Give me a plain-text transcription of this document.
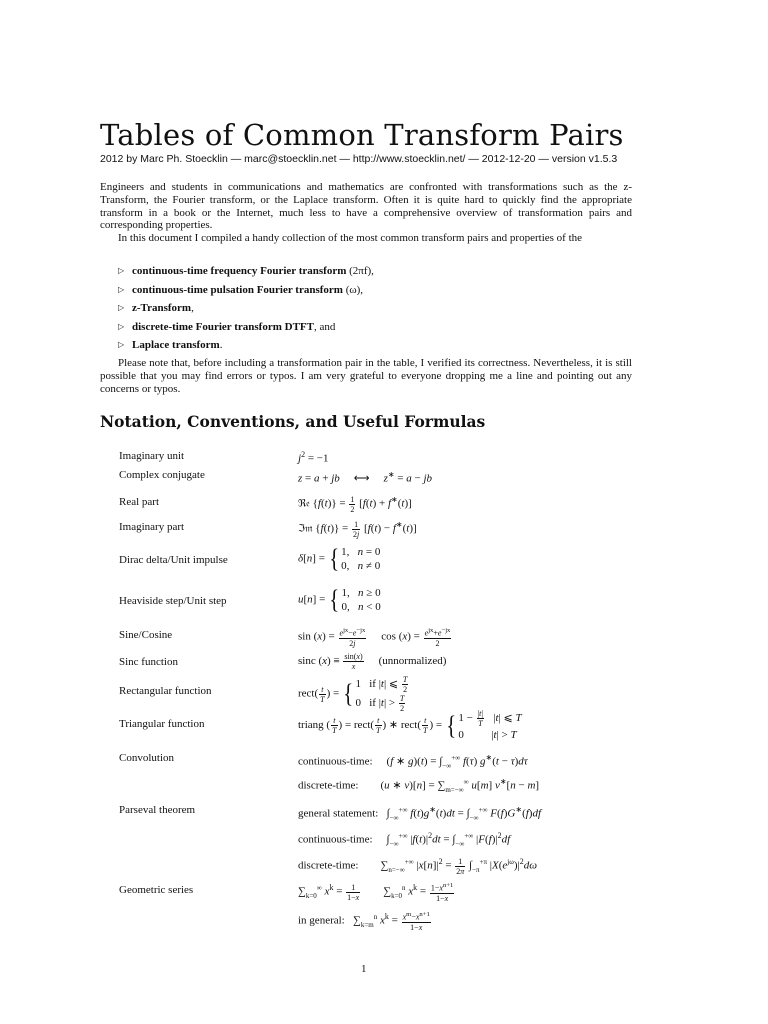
Tables of Common Transform Pairs
2012 by Marc Ph. Stoecklin — marc@stoecklin.net — http://www.stoecklin.net/ — 2012-12-20 — version v1.5.3

Engineers and students in communications and mathematics are confronted with transformations such as the z-Transform, the Fourier transform, or the Laplace transform. Often it is quite hard to quickly find the appropriate transform in a book or the Internet, much less to have a comprehensive overview of transformation pairs and corresponding properties.

In this document I compiled a handy collection of the most common transform pairs and properties of the

▷ continuous-time frequency Fourier transform (2πf),
▷ continuous-time pulsation Fourier transform (ω),
▷ z-Transform,
▷ discrete-time Fourier transform DTFT, and
▷ Laplace transform.

Please note that, before including a transformation pair in the table, I verified its correctness. Nevertheless, it is still possible that you may find errors or typos. I am very grateful to everyone dropping me a line and pointing out any concerns or typos.

Notation, Conventions, and Useful Formulas
Imaginary unit	$j^2 = -1$
Complex conjugate	z = a + jb ⟷ z∗ = a − jb
Real part	ℜ𝔢 $\{f(t)\} = \frac{1}{2} [f(t) + f^∗(t)]$
Imaginary part	ℑ𝔪 $\{f(t)\} = \frac{1}{2j} [f(t) - f^∗(t)]$
Dirac delta/Unit impulse	δ[n] = { 1,   n = 0
0,   n ≠ 0
Heaviside step/Unit step	u[n] = { 1,   n ≥ 0
0,   n < 0
Sine/Cosine	$\sin (x) = \frac{e^{jx}-e^{-jx}}{2j}$ $\cos (x) = \frac{e^{jx}+e^{-jx}}{2}$
Sinc function	sinc $(x) \equiv \frac{\sin(x)}{x}$ (unnormalized)
Rectangular function	rect( $\frac{t}{T}$ ) = { 1   if |t| ⩽ $\frac{T}{2}$
0   if $|t| > \frac{T}{2}$
Triangular function	triang ( $\frac{t}{T}$ ) = rect( $\frac{t}{T}$ ) ∗ rect( $\frac{t}{T}$ ) = { $1 - \frac{|t|}{T} |t|$ ⩽ T
0          |t| > T
Convolution	continuous-time: (f ∗ $g)(t) = \int_{-\infty}^{+\infty}$ f(τ) g∗(t − τ)dτ
discrete-time: (u ∗ $v)[n] = \sum_{m=-\infty}^\infty$ u[m] v∗[n − m]
Parseval theorem	general statement:   $\int_{-\infty}^{+\infty}$ $f(t)g^∗(t)dt = \int_{-\infty}^{+\infty}$ F(f)G∗(f)df
continuous-time: $\int_{-\infty}^{+\infty}$ $|f(t)|^2dt = \int_{-\infty}^{+\infty}$ $|F(f)|^2df$
discrete-time: $\sum_{n=-\infty}^{+\infty}$ $|x[n]|^2 = \frac{1}{2\pi} \int_{-\pi}^{+\pi}$ $|X(e^{j\omega})|^2d\omega$
Geometric series	$\sum_{k=0}^\infty$ $x^k = \frac{1}{1-x} \sum_{k=0}^n$ $x^k = \frac{1-x^{n+1}}{1-x}$
in general:   $\sum_{k=m}^n$ $x^k = \frac{x^m-x^{n+1}}{1-x}$
1
